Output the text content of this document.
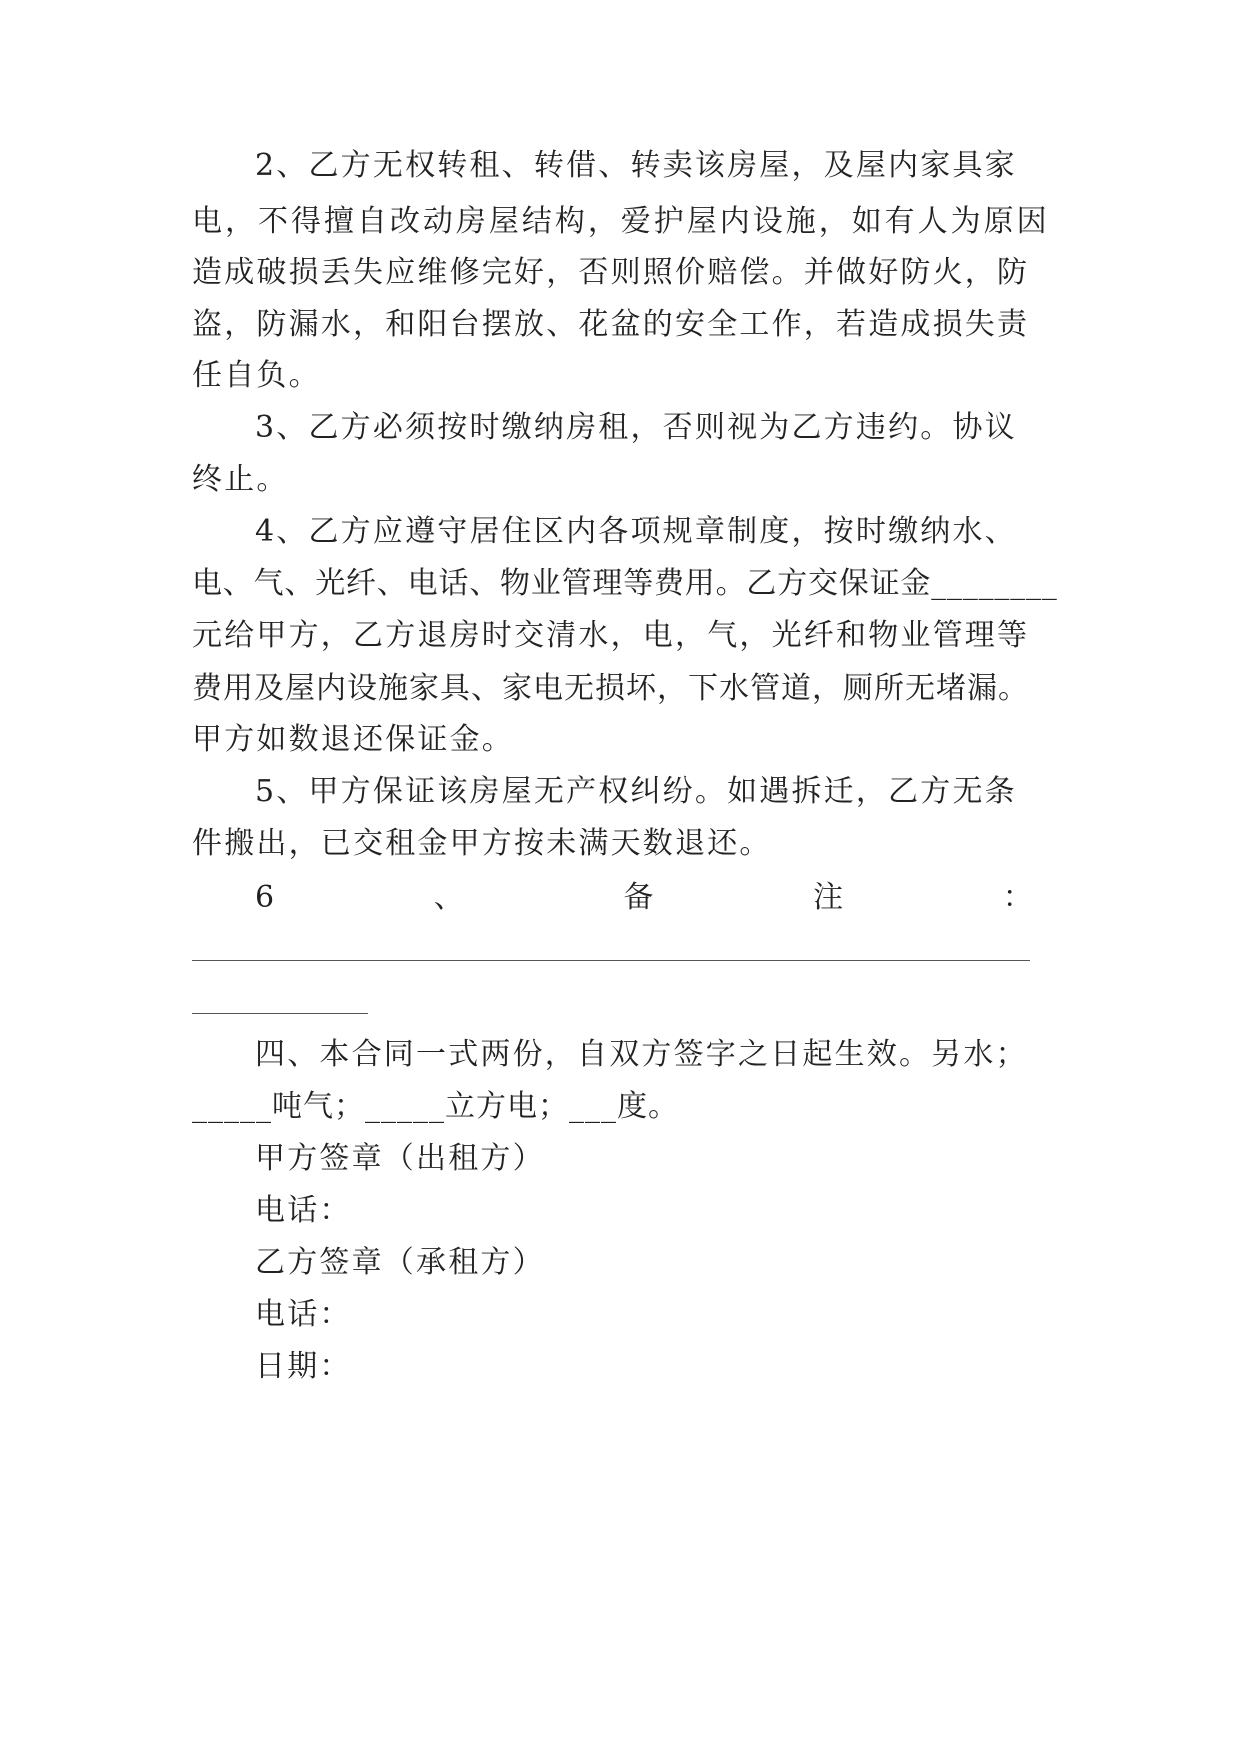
2、乙方无权转租、转借、转卖该房屋，及屋内家具家
电 ， 不 得 擅 自 改 动 房 屋 结 构 ， 爱 护 屋 内 设 施 ， 如 有 人 为 原 因
造成破损丢失应维修完好，否则照价赔偿。并做好防火，防
盗，防漏水，和阳台摆放、花盆的安全工作，若造成损失责
任自负。
3、乙方必须按时缴纳房租，否则视为乙方违约。协议
终止。
4、乙方应遵守居住区内各项规章制度，按时缴纳水、
电、气、光纤、电话、物业管理等费用。乙方交保证金________
元给甲方，乙方退房时交清水，电，气，光纤和物业管理等
费用及屋内设施家具、家电无损坏，下水管道，厕所无堵漏。
甲方如数退还保证金。
5、甲方保证该房屋无产权纠纷。如遇拆迁，乙方无条
件搬出，已交租金甲方按未满天数退还。
6	、	备	注	：
四、本合同一式两份，自双方签字之日起生效。另水；
_____吨气；_____立方电；___度。
甲方签章（出租方）
电话：
乙方签章（承租方）
电话：
日期：
